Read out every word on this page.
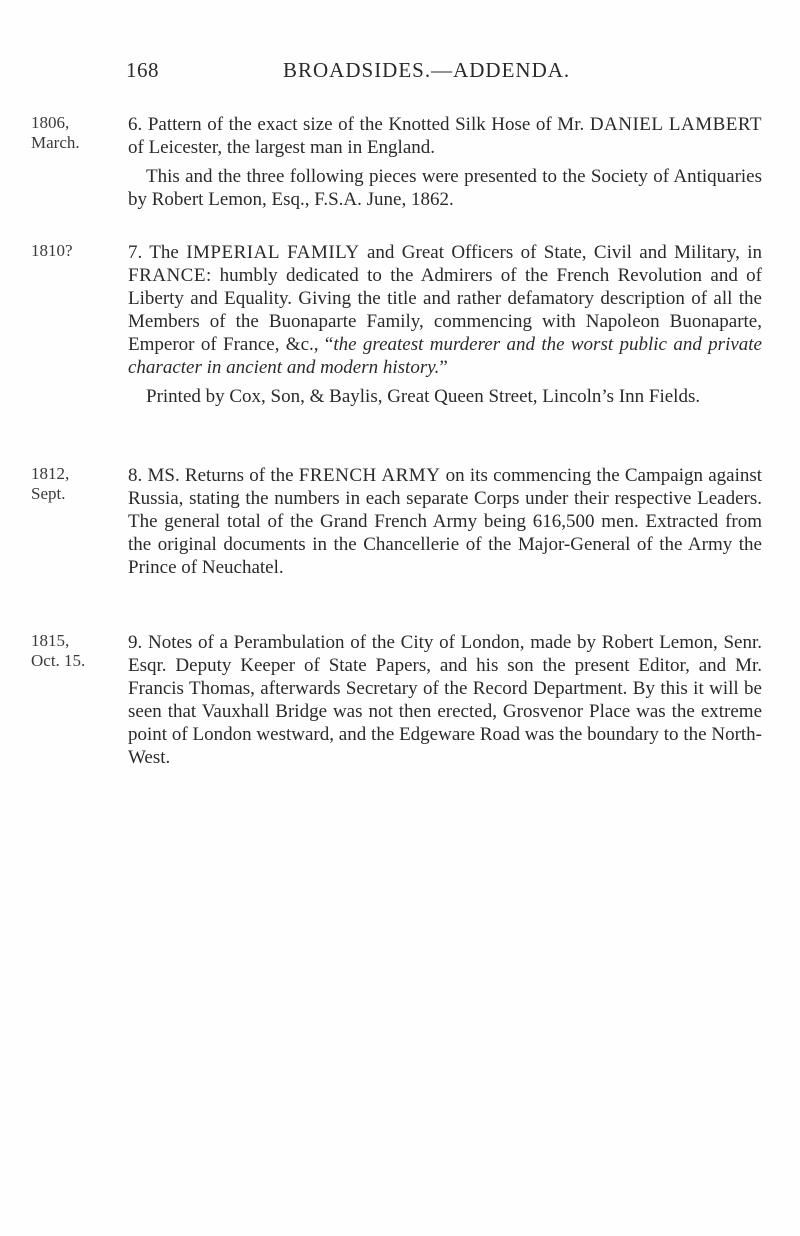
168	BROADSIDES.—ADDENDA.
1806,
March.

6. Pattern of the exact size of the Knotted Silk Hose of Mr. DANIEL LAMBERT of Leicester, the largest man in England.

This and the three following pieces were presented to the Society of Antiquaries by Robert Lemon, Esq., F.S.A. June, 1862.

1810?	7. The IMPERIAL FAMILY and Great Officers of State, Civil and Military, in FRANCE: humbly dedicated to the Admirers of the French Revolution and of Liberty and Equality. Giving the title and rather defamatory description of all the Members of the Buonaparte Family, commencing with Napoleon Buonaparte, Emperor of France, &c., “the greatest murderer and the worst public and private character in ancient and modern history.”

Printed by Cox, Son, & Baylis, Great Queen Street, Lincoln’s Inn Fields.

1812,
Sept.

8. MS. Returns of the FRENCH ARMY on its commencing the Campaign against Russia, stating the numbers in each separate Corps under their respective Leaders. The general total of the Grand French Army being 616,500 men. Extracted from the original documents in the Chancellerie of the Major-General of the Army the Prince of Neuchatel.

1815,
Oct. 15.

9. Notes of a Perambulation of the City of London, made by Robert Lemon, Senr. Esqr. Deputy Keeper of State Papers, and his son the present Editor, and Mr. Francis Thomas, afterwards Secretary of the Record Department. By this it will be seen that Vauxhall Bridge was not then erected, Grosvenor Place was the extreme point of London westward, and the Edgeware Road was the boundary to the North-West.
